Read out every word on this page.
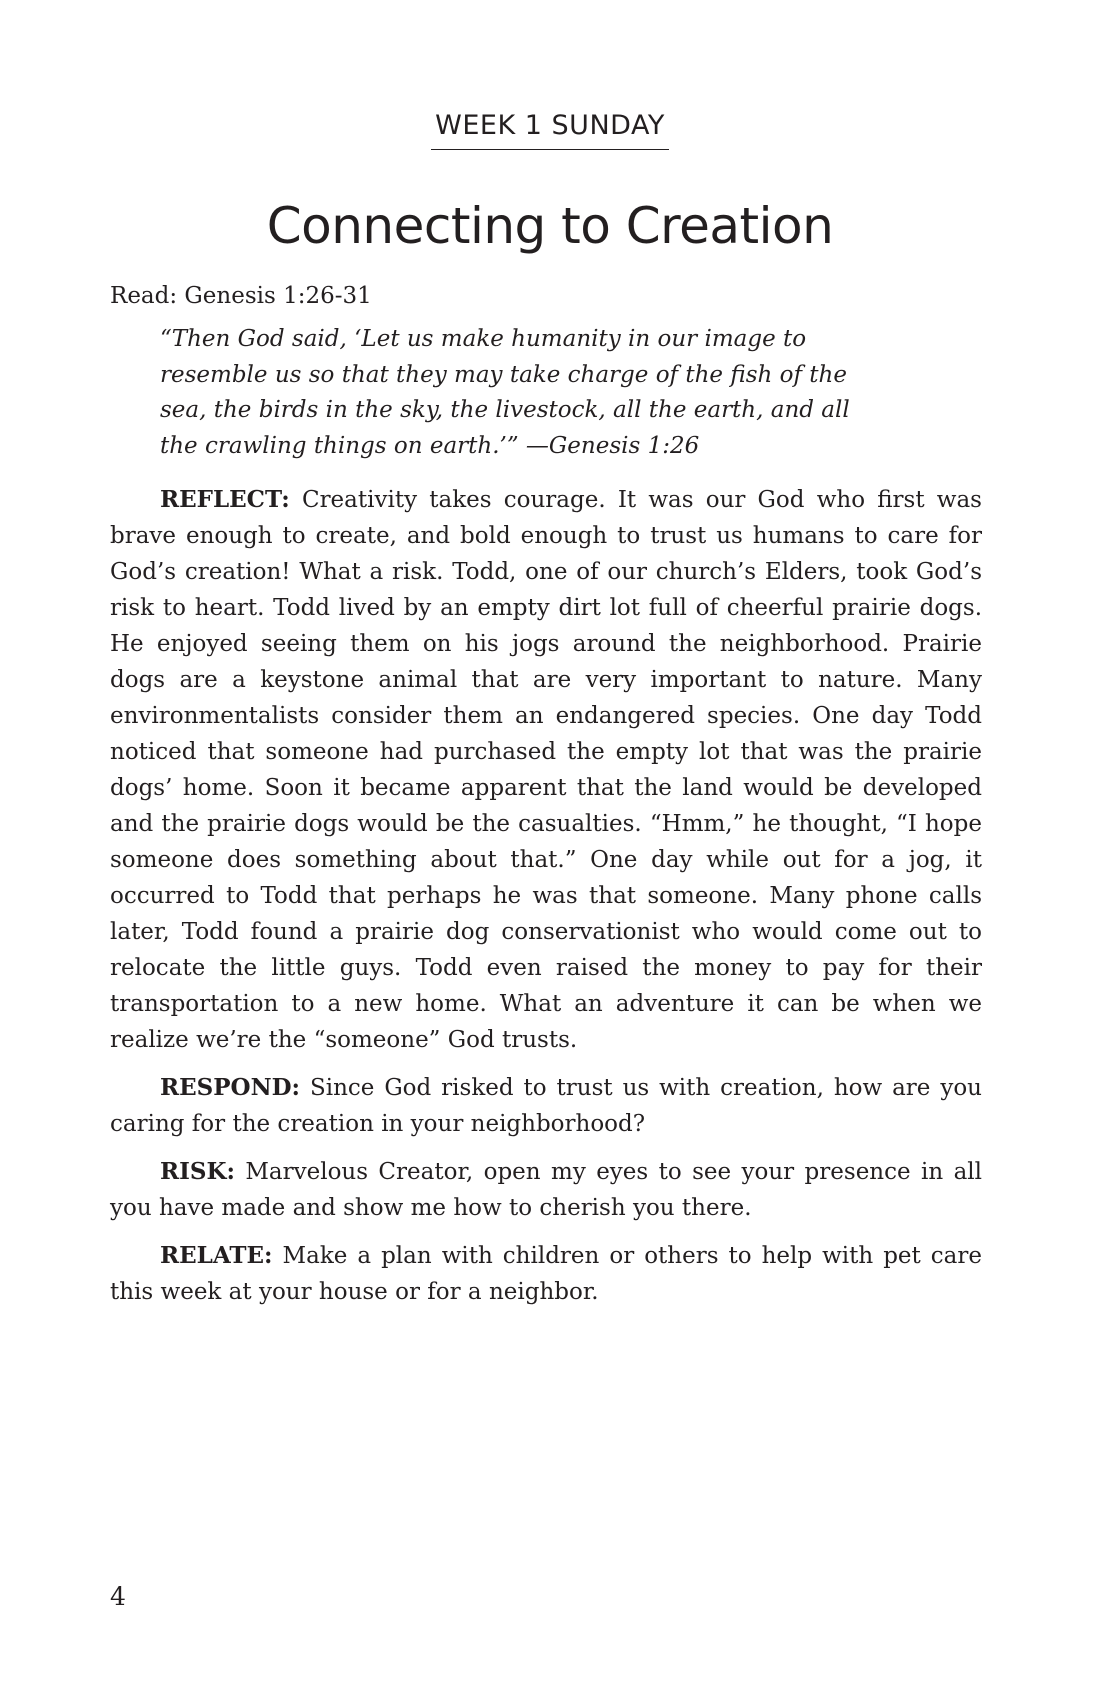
WEEK 1 SUNDAY
Connecting to Creation

Read: Genesis 1:26-31

“Then God said, ‘Let us make humanity in our image to resemble us so that they may take charge of the fish of the sea, the birds in the sky, the livestock, all the earth, and all the crawling things on earth.’” —Genesis 1:26

REFLECT: Creativity takes courage. It was our God who first was brave enough to create, and bold enough to trust us humans to care for God’s creation! What a risk. Todd, one of our church’s Elders, took God’s risk to heart. Todd lived by an empty dirt lot full of cheerful prairie dogs. He enjoyed seeing them on his jogs around the neighborhood. Prairie dogs are a keystone animal that are very important to nature. Many environmentalists consider them an endangered species. One day Todd noticed that someone had purchased the empty lot that was the prairie dogs’ home. Soon it became apparent that the land would be developed and the prairie dogs would be the casualties. “Hmm,” he thought, “I hope someone does something about that.” One day while out for a jog, it occurred to Todd that perhaps he was that someone. Many phone calls later, Todd found a prairie dog conservationist who would come out to relocate the little guys. Todd even raised the money to pay for their transportation to a new home. What an adventure it can be when we realize we’re the “someone” God trusts.

RESPOND: Since God risked to trust us with creation, how are you caring for the creation in your neighborhood?

RISK: Marvelous Creator, open my eyes to see your presence in all you have made and show me how to cherish you there.

RELATE: Make a plan with children or others to help with pet care this week at your house or for a neighbor.

4
